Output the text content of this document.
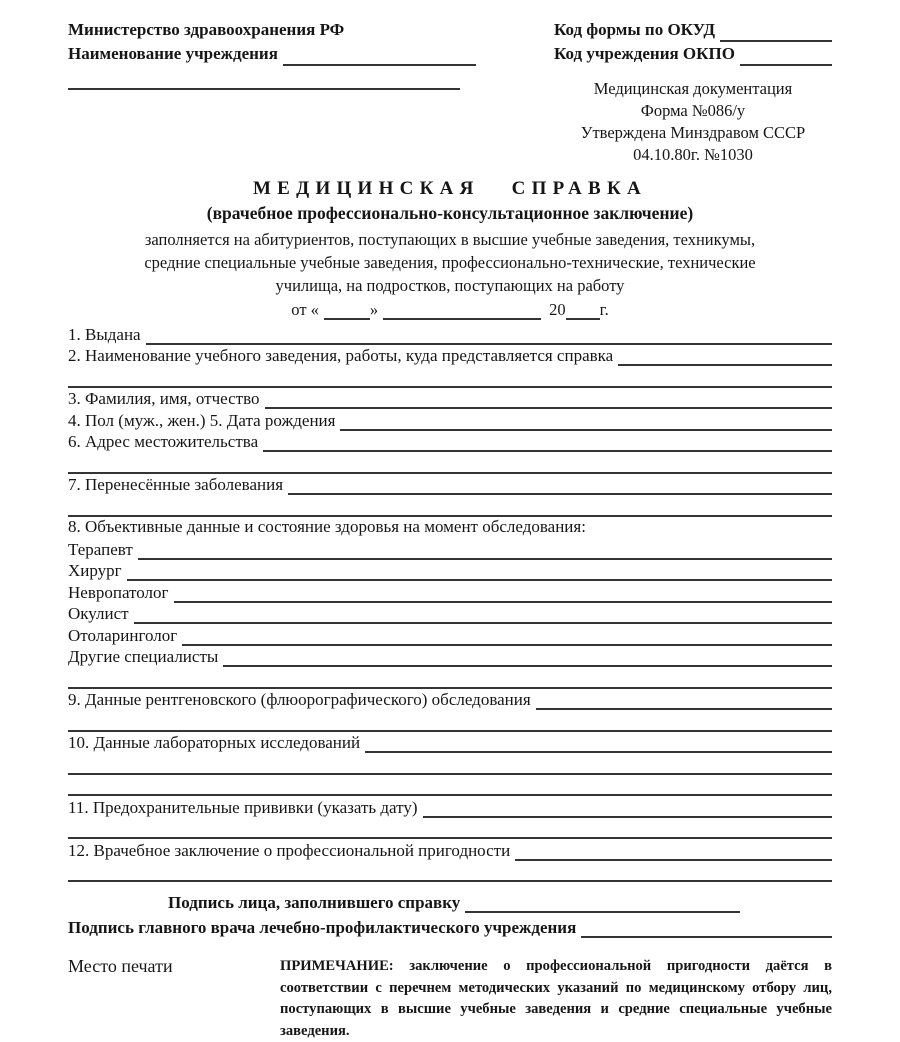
Министерство здравоохранения РФ
Наименование учреждения
Код формы по ОКУД
Код учреждения ОКПО
Медицинская документация
Форма №086/у
Утверждена Минздравом СССР
04.10.80г. №1030
МЕДИЦИНСКАЯ СПРАВКА
(врачебное профессионально-консультационное заключение)
заполняется на абитуриентов, поступающих в высшие учебные заведения, техникумы,
средние специальные учебные заведения, профессионально-технические, технические
училища, на подростков, поступающих на работу
от «	»	20 г.
1. Выдана
2. Наименование учебного заведения, работы, куда представляется справка
3. Фамилия, имя, отчество
4. Пол (муж., жен.) 5. Дата рождения
6. Адрес местожительства
7. Перенесённые заболевания
8. Объективные данные и состояние здоровья на момент обследования:
Терапевт
Хирург
Невропатолог
Окулист
Отоларинголог
Другие специалисты
9. Данные рентгеновского (флюорографического) обследования
10. Данные лабораторных исследований
11. Предохранительные прививки (указать дату)
12. Врачебное заключение о профессиональной пригодности
Подпись лица, заполнившего справку
Подпись главного врача лечебно-профилактического учреждения
Место печати	ПРИМЕЧАНИЕ: заключение о профессиональной пригодности даётся в соответствии с перечнем методических указаний по медицинскому отбору лиц, поступающих в высшие учебные заведения и средние специальные учебные заведения.
